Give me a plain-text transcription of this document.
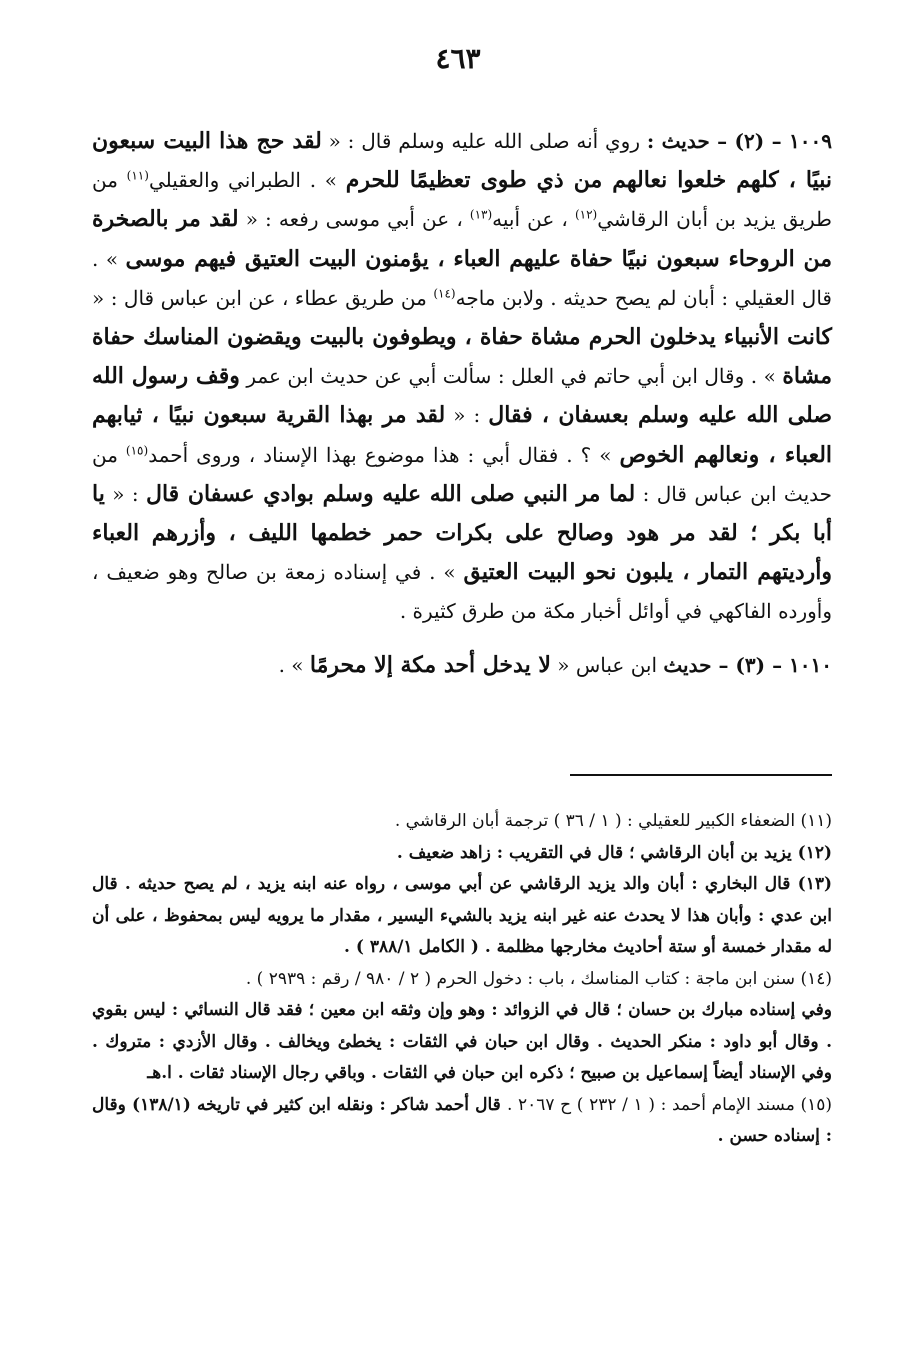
٤٦٣

١٠٠٩ – (٢) – حديث : روي أنه صلى الله عليه وسلم قال : « لقد حج هذا البيت سبعون نبيًا ، كلهم خلعوا نعالهم من ذي طوى تعظيمًا للحرم » . الطبراني والعقيلي$^{(١١)}$ من طريق يزيد بن أبان الرقاشي$^{(١٢)}$ ، عن أبيه$^{(١٣)}$ ، عن أبي موسى رفعه : « لقد مر بالصخرة من الروحاء سبعون نبيًا حفاة عليهم العباء ، يؤمنون البيت العتيق فيهم موسى » . قال العقيلي : أبان لم يصح حديثه . ولابن ماجه$^{(١٤)}$ من طريق عطاء ، عن ابن عباس قال : « كانت الأنبياء يدخلون الحرم مشاة حفاة ، ويطوفون بالبيت ويقضون المناسك حفاة مشاة » . وقال ابن أبي حاتم في العلل : سألت أبي عن حديث ابن عمر وقف رسول الله صلى الله عليه وسلم بعسفان ، فقال : « لقد مر بهذا القرية سبعون نبيًا ، ثيابهم العباء ، ونعالهم الخوص » ؟ . فقال أبي : هذا موضوع بهذا الإسناد ، وروى أحمد$^{(١٥)}$ من حديث ابن عباس قال : لما مر النبي صلى الله عليه وسلم بوادي عسفان قال : « يا أبا بكر ؛ لقد مر هود وصالح على بكرات حمر خطمها الليف ، وأزرهم العباء وأرديتهم التمار ، يلبون نحو البيت العتيق » . في إسناده زمعة بن صالح وهو ضعيف ، وأورده الفاكهي في أوائل أخبار مكة من طرق كثيرة .

١٠١٠ – (٣) – حديث ابن عباس « لا يدخل أحد مكة إلا محرمًا » .

(١١) الضعفاء الكبير للعقيلي : ( ١ / ٣٦ ) ترجمة أبان الرقاشي .

(١٢) يزيد بن أبان الرقاشي ؛ قال في التقريب : زاهد ضعيف .

(١٣) قال البخاري : أبان والد يزيد الرقاشي عن أبي موسى ، رواه عنه ابنه يزيد ، لم يصح حديثه . قال ابن عدي : وأبان هذا لا يحدث عنه غير ابنه يزيد بالشيء اليسير ، مقدار ما يرويه ليس بمحفوظ ، على أن له مقدار خمسة أو ستة أحاديث مخارجها مظلمة . ( الكامل ٣٨٨/١ ) .

(١٤) سنن ابن ماجة : كتاب المناسك ، باب : دخول الحرم ( ٢ / ٩٨٠ / رقم : ٢٩٣٩ ) .

وفي إسناده مبارك بن حسان ؛ قال في الزوائد : وهو وإن وثقه ابن معين ؛ فقد قال النسائي : ليس بقوي . وقال أبو داود : منكر الحديث . وقال ابن حبان في الثقات : يخطئ ويخالف . وقال الأزدي : متروك . وفي الإسناد أيضاً إسماعيل بن صبيح ؛ ذكره ابن حبان في الثقات . وباقي رجال الإسناد ثقات . ا.هـ

(١٥) مسند الإمام أحمد : ( ١ / ٢٣٢ ) ح ٢٠٦٧ . قال أحمد شاكر : ونقله ابن كثير في تاريخه (١٣٨/١) وقال : إسناده حسن .
